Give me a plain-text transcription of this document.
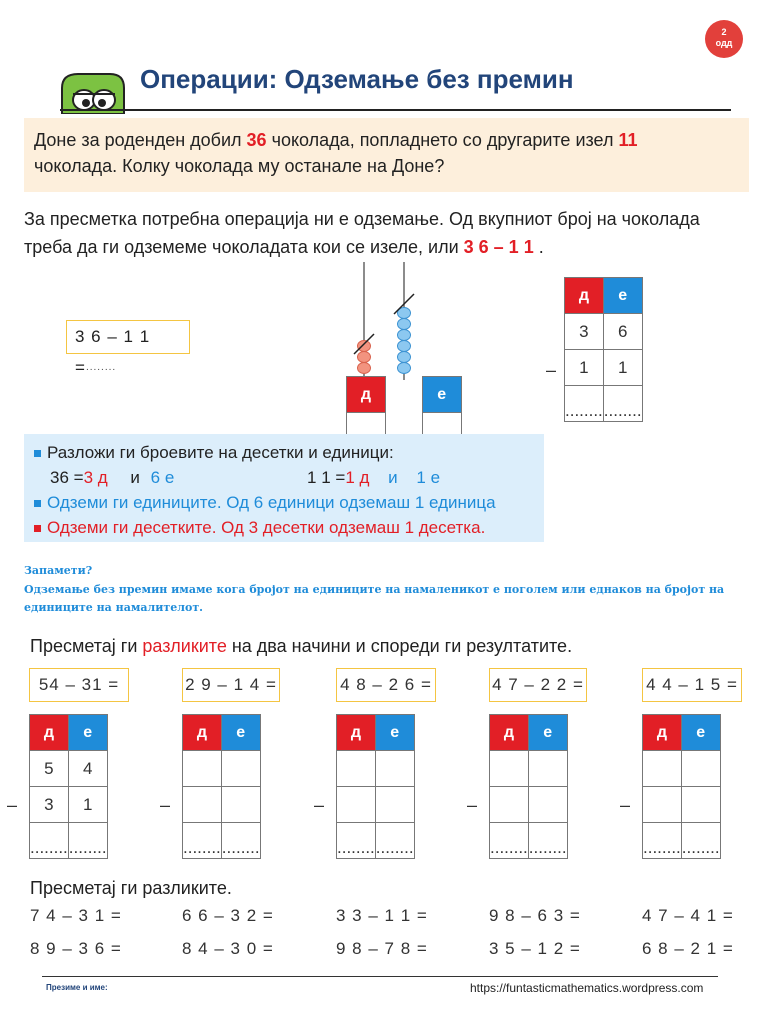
2
одд
Операции: Одземање без премин
Доне за роденден добил 36 чоколада, попладнето со другарите изел 11
чоколада. Колку чоколада му останале на Доне?
За пресметка потребна операција ни е одземање. Од вкупниот број на чоколада
треба да ги одземеме чоколадата кои се изеле, или 3 6 – 1 1 .
3 6 – 1 1 =........
д		е

–
д	е
3	6
1	1
........	........
Разложи ги броевите на десетки и единици:
36 =3 д и 6 е	1 1 =1 д и 1 е
Одземи ги единиците. Од 6 единици одземаш 1 единица
Одземи ги десетките. Од 3 десетки одземаш 1 десетка.
Запамети?
Одземање без премин имаме кога бројот на единиците на намаленикот е поголем или еднаков на бројот на единиците на намалителот.
Пресметај ги разликите на два начини и спореди ги резултатите.
54 – 31 =
–
д	е
5	4
3	1
........	........
2 9 – 1 4 =
–
д	е

........	........
4 8 – 2 6 =
–
д	е

........	........
4 7 – 2 2 =
–
д	е

........	........
4 4 – 1 5 =
–
д	е

........	........
Пресметај ги разликите.
7 4 – 3 1 =	6 6 – 3 2 =	3 3 – 1 1 =	9 8 – 6 3 =	4 7 – 4 1 =
8 9 – 3 6 =	8 4 – 3 0 =	9 8 – 7 8 =	3 5 – 1 2 =	6 8 – 2 1 =
Презиме и име:	https://funtasticmathematics.wordpress.com
